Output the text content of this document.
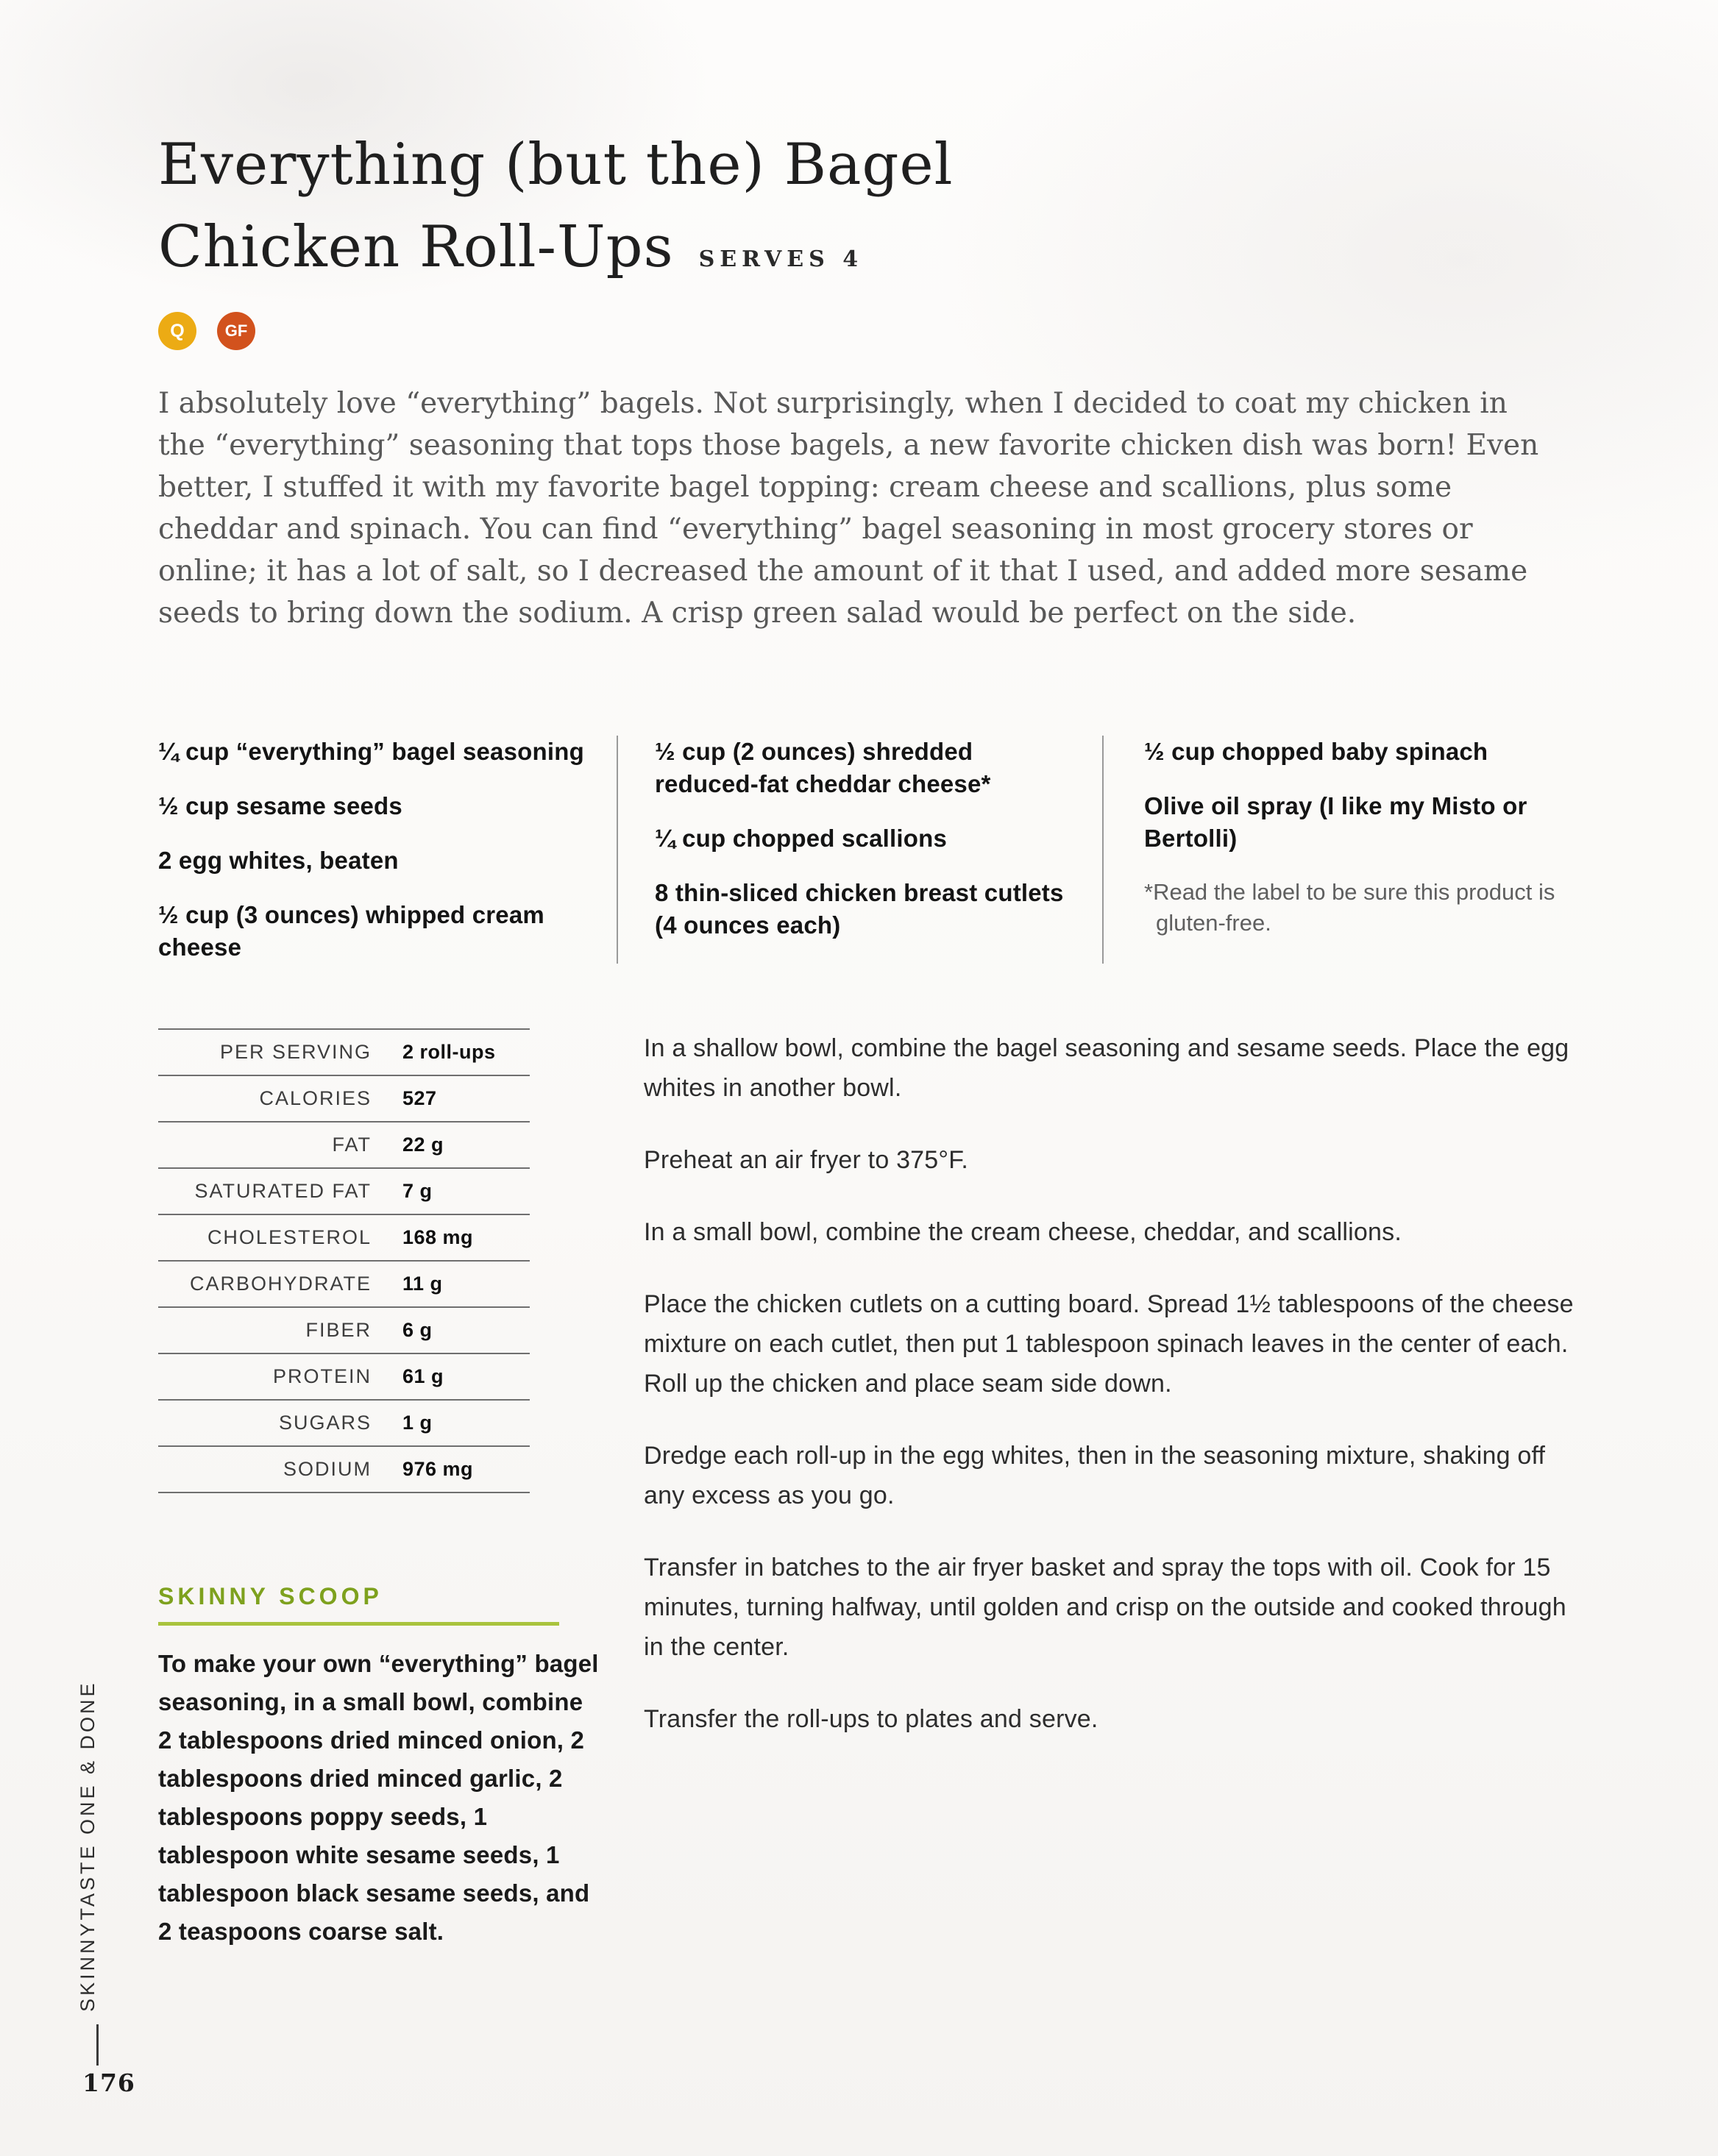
Everything (but the) Bagel
Chicken Roll-Ups SERVES 4
Q	GF

I absolutely love “everything” bagels. Not surprisingly, when I decided to coat my chicken in the “everything” seasoning that tops those bagels, a new favorite chicken dish was born! Even better, I stuffed it with my favorite bagel topping: cream cheese and scallions, plus some cheddar and spinach. You can find “everything” bagel seasoning in most grocery stores or online; it has a lot of salt, so I decreased the amount of it that I used, and added more sesame seeds to bring down the sodium. A crisp green salad would be perfect on the side.

¼ cup “everything” bagel seasoning

½ cup sesame seeds

2 egg whites, beaten

½ cup (3 ounces) whipped cream cheese

½ cup (2 ounces) shredded reduced-fat cheddar cheese*

¼ cup chopped scallions

8 thin-sliced chicken breast cutlets (4 ounces each)

½ cup chopped baby spinach

Olive oil spray (I like my Misto or Bertolli)

*Read the label to be sure this product is gluten-free.

PER SERVING 2 roll-ups
CALORIES 527
FAT 22 g
SATURATED FAT 7 g
CHOLESTEROL 168 mg
CARBOHYDRATE 11 g
FIBER 6 g
PROTEIN 61 g
SUGARS 1 g
SODIUM 976 mg

In a shallow bowl, combine the bagel seasoning and sesame seeds. Place the egg whites in another bowl.

Preheat an air fryer to 375°F.

In a small bowl, combine the cream cheese, cheddar, and scallions.

Place the chicken cutlets on a cutting board. Spread 1½ tablespoons of the cheese mixture on each cutlet, then put 1 tablespoon spinach leaves in the center of each. Roll up the chicken and place seam side down.

Dredge each roll-up in the egg whites, then in the seasoning mixture, shaking off any excess as you go.

Transfer in batches to the air fryer basket and spray the tops with oil. Cook for 15 minutes, turning halfway, until golden and crisp on the outside and cooked through in the center.

Transfer the roll-ups to plates and serve.

SKINNY SCOOP

To make your own “everything” bagel seasoning, in a small bowl, combine 2 tablespoons dried minced onion, 2 tablespoons dried minced garlic, 2 tablespoons poppy seeds, 1 tablespoon white sesame seeds, 1 tablespoon black sesame seeds, and 2 teaspoons coarse salt.

SKINNYTASTE ONE & DONE
176
